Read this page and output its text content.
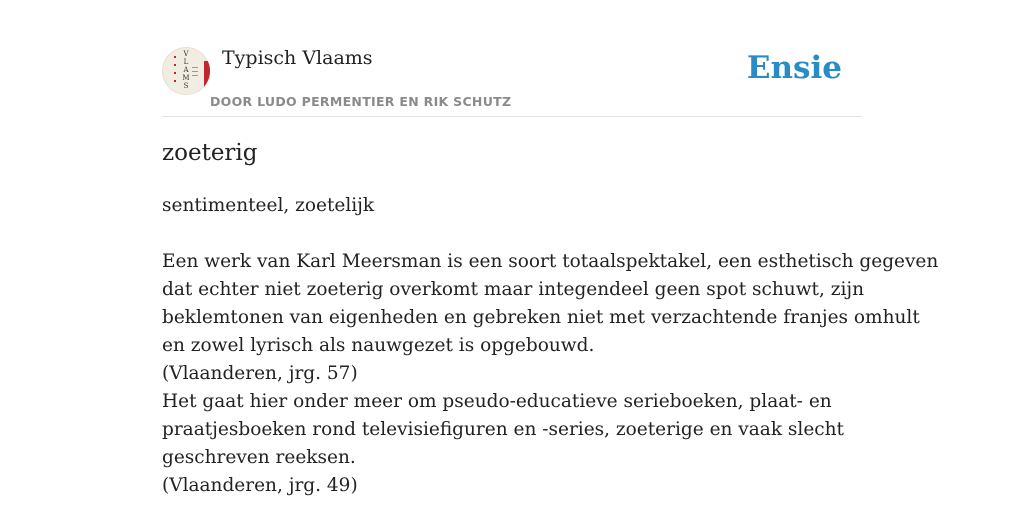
V
L
A
M
S
Typisch Vlaams
DOOR LUDO PERMENTIER EN RIK SCHUTZ
Ensie
zoeterig
sentimenteel, zoetelijk
Een werk van Karl Meersman is een soort totaalspektakel, een esthetisch gegeven
dat echter niet zoeterig overkomt maar integendeel geen spot schuwt, zijn
beklemtonen van eigenheden en gebreken niet met verzachtende franjes omhult
en zowel lyrisch als nauwgezet is opgebouwd.
(Vlaanderen, jrg. 57)
Het gaat hier onder meer om pseudo-educatieve serieboeken, plaat- en
praatjesboeken rond televisiefiguren en -series, zoeterige en vaak slecht
geschreven reeksen.
(Vlaanderen, jrg. 49)
